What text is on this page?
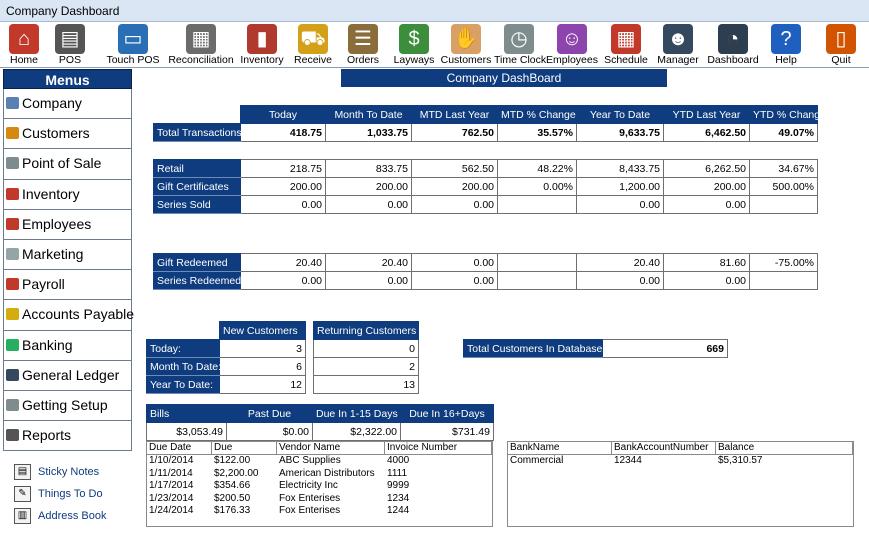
Company Dashboard
⌂
Home
▤
POS
▭
Touch POS
▦
Reconciliation
▮
Inventory
⛟
Receive
☰
Orders
$
Layways
✋
Customers
◷
Time Clock
☺
Employees
▦
Schedule
☻
Manager
◔
Dashboard
?
Help
▯
Quit
Menus
Company
Customers
Point of Sale
Inventory
Employees
Marketing
Payroll
Accounts Payable
Banking
General Ledger
Getting Setup
Reports
▤ Sticky Notes
✎	Things To Do
▥ Address Book
Company DashBoard
	Today	Month To Date	MTD Last Year	MTD % Change	Year To Date	YTD Last Year	YTD % Change
Total Transactions	418.75	1,033.75	762.50	35.57%	9,633.75	6,462.50	49.07%
Retail	218.75	833.75	562.50	48.22%	8,433.75	6,262.50	34.67%
Gift Certificates	200.00	200.00	200.00	0.00%	1,200.00	200.00	500.00%
Series Sold	0.00	0.00	0.00		0.00	0.00	
Gift Redeemed	20.40	20.40	0.00		20.40	81.60	-75.00%
Series Redeemed	0.00	0.00	0.00		0.00	0.00	
	New Customers		Returning Customers
Today:	3		0
Month To Date:	6		2
Year To Date:	12		13
Total Customers In Database:	669
Bills	Past Due	Due In 1-15 Days	Due In 16+Days
$3,053.49	$0.00	$2,322.00	$731.49
Due Date	Due	Vendor Name	Invoice Number
1/10/2014	$122.00	ABC Supplies	4000
1/11/2014	$2,200.00	American Distributors	1111
1/17/2014	$354.66	Electricity Inc	9999
1/23/2014	$200.50	Fox Enterises	1234
1/24/2014	$176.33	Fox Enterises	1244
BankName	BankAccountNumber Balance
Commercial	12344	$5,310.57
